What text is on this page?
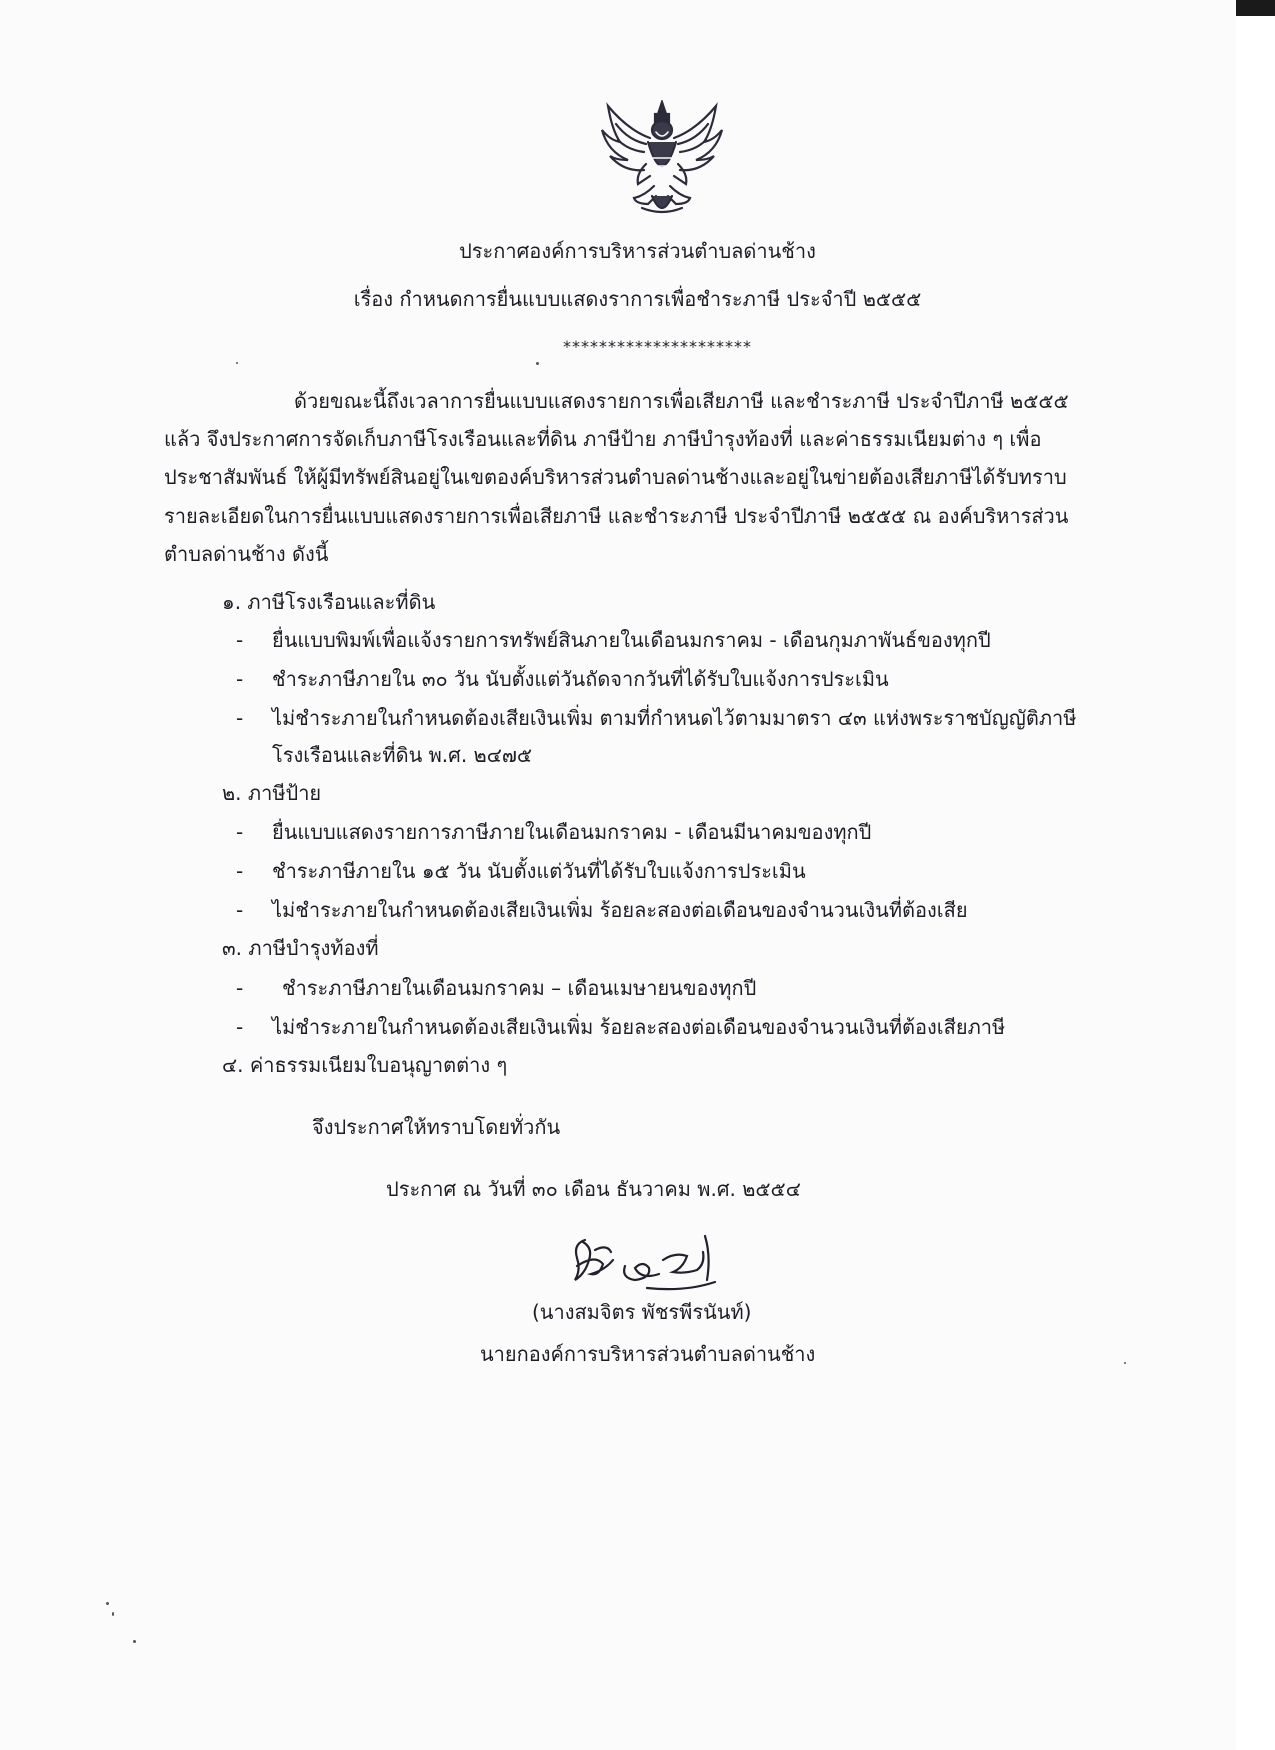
ประกาศองค์การบริหารส่วนตำบลด่านช้าง

เรื่อง กำหนดการยื่นแบบแสดงราการเพื่อชำระภาษี ประจำปี ๒๕๕๕

*********************

ด้วยขณะนี้ถึงเวลาการยื่นแบบแสดงรายการเพื่อเสียภาษี และชำระภาษี ประจำปีภาษี ๒๕๕๕

แล้ว จึงประกาศการจัดเก็บภาษีโรงเรือนและที่ดิน ภาษีป้าย ภาษีบำรุงท้องที่ และค่าธรรมเนียมต่าง ๆ เพื่อ

ประชาสัมพันธ์ ให้ผู้มีทรัพย์สินอยู่ในเขตองค์บริหารส่วนตำบลด่านช้างและอยู่ในข่ายต้องเสียภาษีได้รับทราบ

รายละเอียดในการยื่นแบบแสดงรายการเพื่อเสียภาษี และชำระภาษี ประจำปีภาษี ๒๕๕๕ ณ องค์บริหารส่วน

ตำบลด่านช้าง ดังนี้

๑. ภาษีโรงเรือนและที่ดิน

- ยื่นแบบพิมพ์เพื่อแจ้งรายการทรัพย์สินภายในเดือนมกราคม - เดือนกุมภาพันธ์ของทุกปี

- ชำระภาษีภายใน ๓๐ วัน นับตั้งแต่วันถัดจากวันที่ได้รับใบแจ้งการประเมิน

- ไม่ชำระภายในกำหนดต้องเสียเงินเพิ่ม ตามที่กำหนดไว้ตามมาตรา ๔๓ แห่งพระราชบัญญัติภาษี

โรงเรือนและที่ดิน พ.ศ. ๒๔๗๕

๒. ภาษีป้าย

- ยื่นแบบแสดงรายการภาษีภายในเดือนมกราคม - เดือนมีนาคมของทุกปี

- ชำระภาษีภายใน ๑๕ วัน นับตั้งแต่วันที่ได้รับใบแจ้งการประเมิน

- ไม่ชำระภายในกำหนดต้องเสียเงินเพิ่ม ร้อยละสองต่อเดือนของจำนวนเงินที่ต้องเสีย

๓. ภาษีบำรุงท้องที่

- ชำระภาษีภายในเดือนมกราคม – เดือนเมษายนของทุกปี

- ไม่ชำระภายในกำหนดต้องเสียเงินเพิ่ม ร้อยละสองต่อเดือนของจำนวนเงินที่ต้องเสียภาษี

๔. ค่าธรรมเนียมใบอนุญาตต่าง ๆ

จึงประกาศให้ทราบโดยทั่วกัน

ประกาศ ณ วันที่ ๓๐ เดือน ธันวาคม พ.ศ. ๒๕๕๔

(นางสมจิตร พัชรพีรนันท์)

นายกองค์การบริหารส่วนตำบลด่านช้าง
